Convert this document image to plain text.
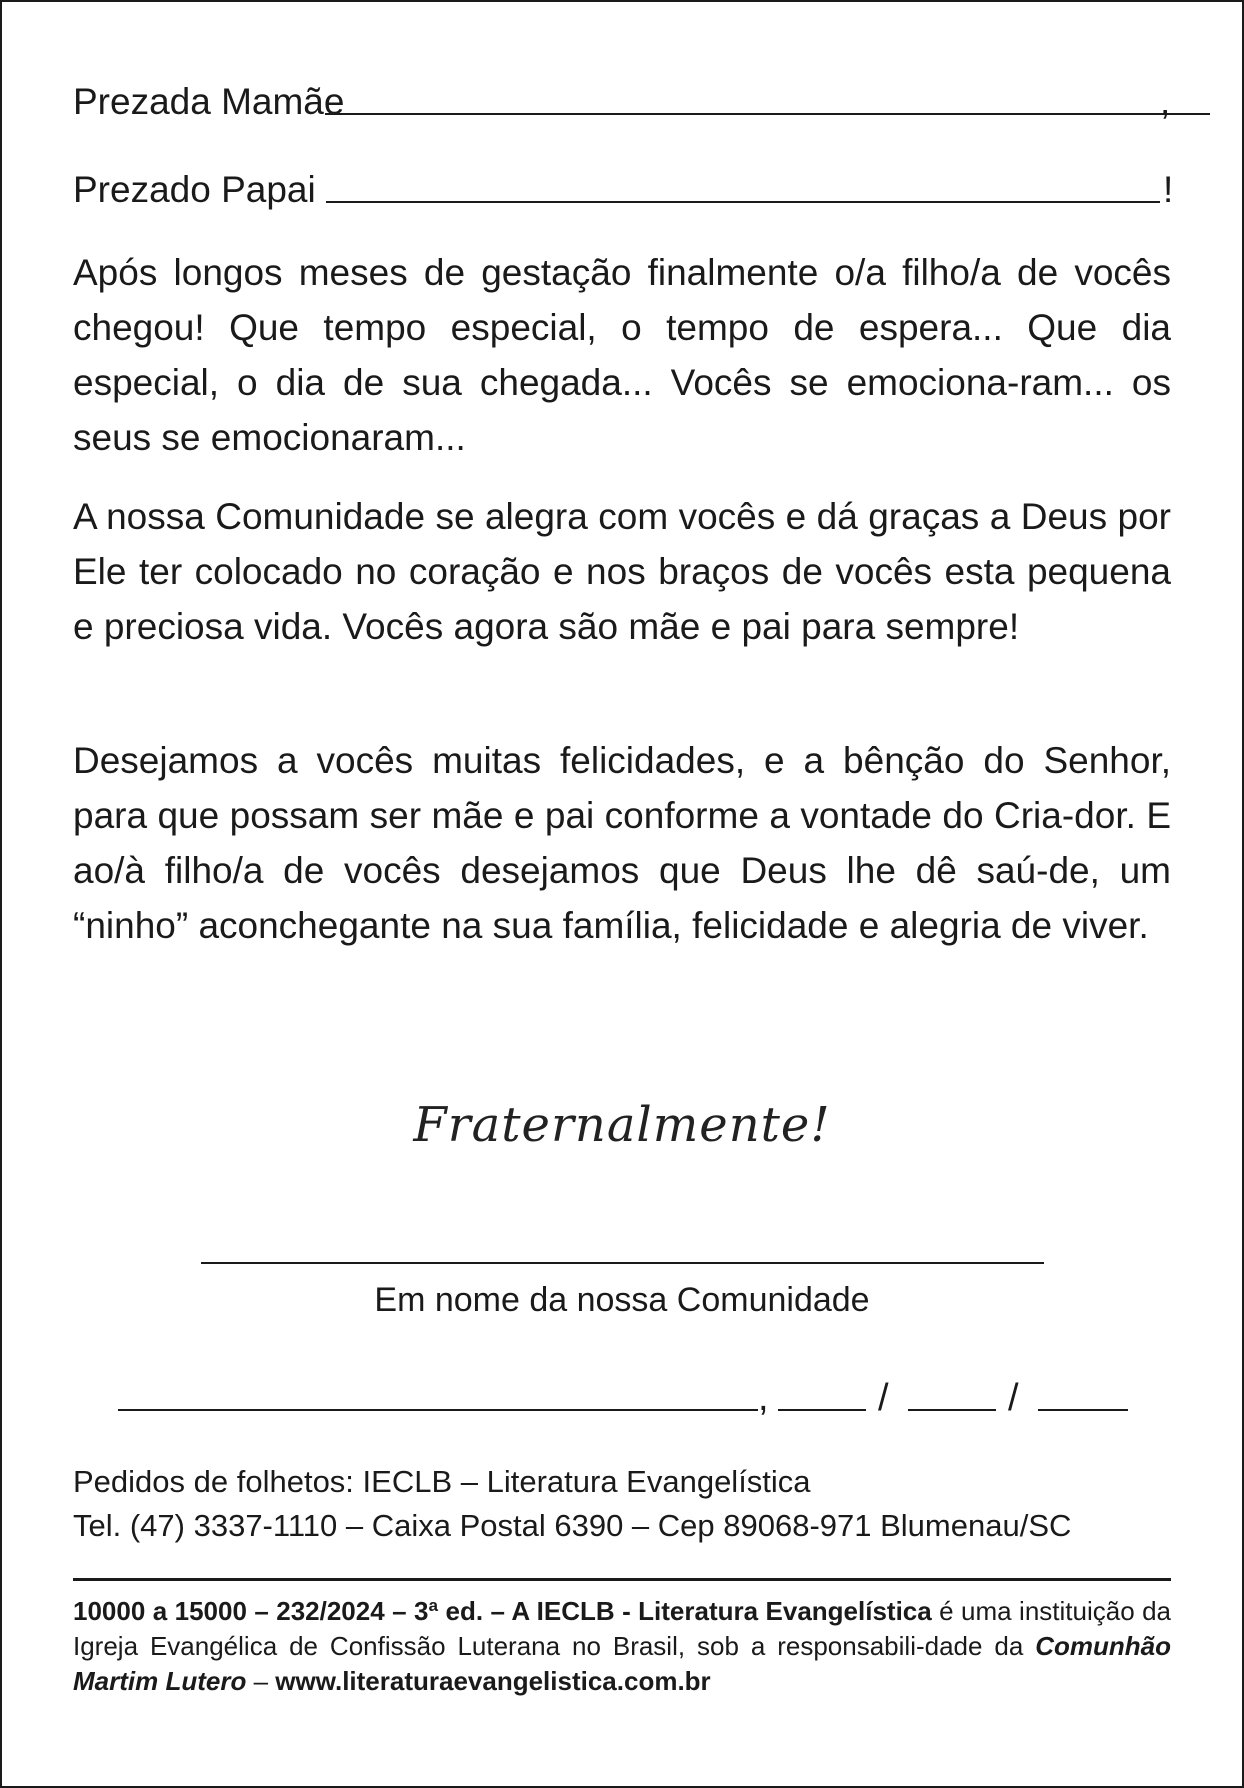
Prezada Mamãe	,
Prezado Papai	!

Após longos meses de gestação finalmente o/a filho/a de vocês chegou! Que tempo especial, o tempo de espera... Que dia especial, o dia de sua chegada... Vocês se emociona-ram... os seus se emocionaram...

A nossa Comunidade se alegra com vocês e dá graças a Deus por Ele ter colocado no coração e nos braços de vocês esta pequena e preciosa vida. Vocês agora são mãe e pai para sempre!

Desejamos a vocês muitas felicidades, e a bênção do Senhor, para que possam ser mãe e pai conforme a vontade do Cria-dor. E ao/à filho/a de vocês desejamos que Deus lhe dê saú-de, um “ninho” aconchegante na sua família, felicidade e alegria de viver.

Fraternalmente!
Em nome da nossa Comunidade
,	/	/
Pedidos de folhetos: IECLB – Literatura Evangelística
Tel. (47) 3337-1110 – Caixa Postal 6390 – Cep 89068-971 Blumenau/SC

10000 a 15000 – 232/2024 – 3ª ed. – A IECLB - Literatura Evangelística é uma instituição da Igreja Evangélica de Confissão Luterana no Brasil, sob a responsabili-dade da Comunhão Martim Lutero – www.literaturaevangelistica.com.br
